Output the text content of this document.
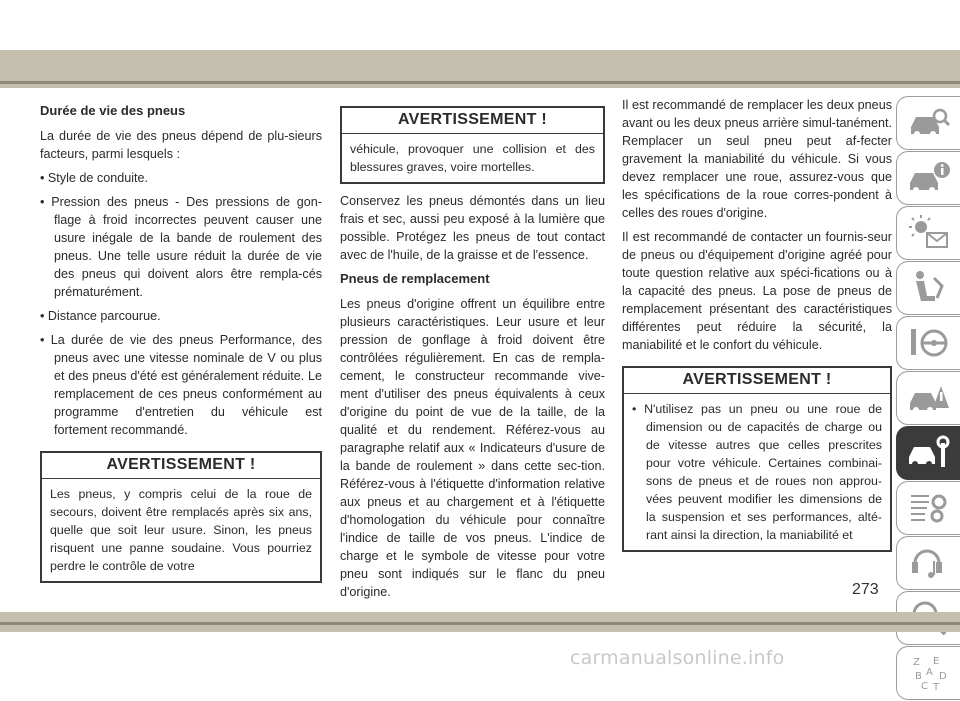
Durée de vie des pneus

La durée de vie des pneus dépend de plu-sieurs facteurs, parmi lesquels :

• Style de conduite.
• Pression des pneus - Des pressions de gon-flage à froid incorrectes peuvent causer une usure inégale de la bande de roulement des pneus. Une telle usure réduit la durée de vie des pneus qui doivent alors être rempla-cés prématurément.
• Distance parcourue.
• La durée de vie des pneus Performance, des pneus avec une vitesse nominale de V ou plus et des pneus d'été est généralement réduite. Le remplacement de ces pneus conformément au programme d'entretien du véhicule est fortement recommandé.
AVERTISSEMENT !
Les pneus, y compris celui de la roue de secours, doivent être remplacés après six ans, quelle que soit leur usure. Sinon, les pneus risquent une panne soudaine. Vous pourriez perdre le contrôle de votre
AVERTISSEMENT !
véhicule, provoquer une collision et des blessures graves, voire mortelles.

Conservez les pneus démontés dans un lieu frais et sec, aussi peu exposé à la lumière que possible. Protégez les pneus de tout contact avec de l'huile, de la graisse et de l'essence.

Pneus de remplacement

Les pneus d'origine offrent un équilibre entre plusieurs caractéristiques. Leur usure et leur pression de gonflage à froid doivent être contrôlées régulièrement. En cas de rempla-cement, le constructeur recommande vive-ment d'utiliser des pneus équivalents à ceux d'origine du point de vue de la taille, de la qualité et du rendement. Référez-vous au paragraphe relatif aux « Indicateurs d'usure de la bande de roulement » dans cette sec-tion. Référez-vous à l'étiquette d'information relative aux pneus et au chargement et à l'étiquette d'homologation du véhicule pour connaître l'indice de taille de vos pneus. L'indice de charge et le symbole de vitesse pour votre pneu sont indiqués sur le flanc du pneu d'origine.

Il est recommandé de remplacer les deux pneus avant ou les deux pneus arrière simul-tanément. Remplacer un seul pneu peut af-fecter gravement la maniabilité du véhicule. Si vous devez remplacer une roue, assurez-vous que les spécifications de la roue corres-pondent à celles des roues d'origine.

Il est recommandé de contacter un fournis-seur de pneus ou d'équipement d'origine agréé pour toute question relative aux spéci-fications ou à la capacité des pneus. La pose de pneus de remplacement présentant des caractéristiques différentes peut réduire la sécurité, la maniabilité et le confort du véhicule.

AVERTISSEMENT !
• N'utilisez pas un pneu ou une roue de dimension ou de capacités de charge ou de vitesse autres que celles prescrites pour votre véhicule. Certaines combinai-sons de pneus et de roues non approu-vées peuvent modifier les dimensions de la suspension et ses performances, alté-rant ainsi la direction, la maniabilité et
Z E
B A D
C T
273
carmanualsonline.info
